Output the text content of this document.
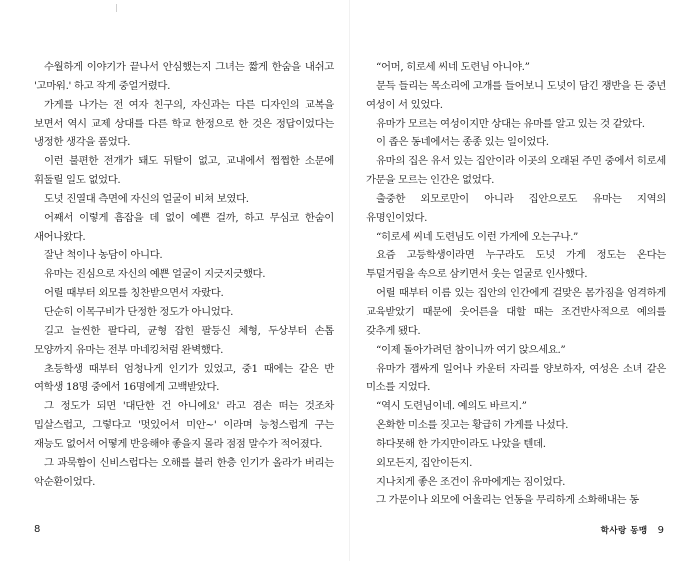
수월하게 이야기가 끝나서 안심했는지 그녀는 짧게 한숨을 내쉬고 '고마워.' 하고 작게 중얼거렸다.

가게를 나가는 전 여자 친구의, 자신과는 다른 디자인의 교복을 보면서 역시 교제 상대를 다른 학교 한정으로 한 것은 정답이었다는 냉정한 생각을 품었다.

이런 불편한 전개가 돼도 뒤탈이 없고, 교내에서 쩝쩝한 소문에 휘둘릴 일도 없었다.

도넛 진열대 측면에 자신의 얼굴이 비쳐 보였다.

어째서 이렇게 흠잡을 데 없이 예쁜 걸까, 하고 무심코 한숨이 새어나왔다.

잘난 척이나 농담이 아니다.

유마는 진심으로 자신의 예쁜 얼굴이 지긋지긋했다.

어릴 때부터 외모를 칭찬받으면서 자랐다.

단순히 이목구비가 단정한 정도가 아니었다.

길고 늘씬한 팔다리, 균형 잡힌 팔등신 체형, 두상부터 손톱 모양까지 유마는 전부 마네킹처럼 완벽했다.

초등학생 때부터 엄청나게 인기가 있었고, 중1 때에는 같은 반 여학생 18명 중에서 16명에게 고백받았다.

그 정도가 되면 '대단한 건 아니에요' 라고 겸손 떠는 것조차 밉살스럽고, 그렇다고 '멋있어서 미안~' 이라며 능청스럽게 구는 재능도 없어서 어떻게 반응해야 좋을지 몰라 점점 말수가 적어졌다.

그 과묵함이 신비스럽다는 오해를 불러 한층 인기가 올라가 버리는 악순환이었다.

“어머, 히로세 씨네 도련님 아니야.”

문득 들리는 목소리에 고개를 들어보니 도넛이 담긴 쟁반을 든 중년 여성이 서 있었다.

유마가 모르는 여성이지만 상대는 유마를 알고 있는 것 같았다.

이 좁은 동네에서는 종종 있는 일이었다.

유마의 집은 유서 있는 집안이라 이곳의 오래된 주민 중에서 히로세 가문을 모르는 인간은 없었다.

출중한 외모로만이 아니라 집안으로도 유마는 지역의 유명인이었다.

“히로세 씨네 도련님도 이런 가게에 오는구나.”

요즘 고등학생이라면 누구라도 도넛 가게 정도는 온다는 투덜거림을 속으로 삼키면서 웃는 얼굴로 인사했다.

어릴 때부터 이름 있는 집안의 인간에게 걸맞은 몸가짐을 엄격하게 교육받았기 때문에 웃어른을 대할 때는 조건반사적으로 예의를 갖추게 됐다.

“이제 돌아가려던 참이니까 여기 앉으세요.”

유마가 잽싸게 일어나 카운터 자리를 양보하자, 여성은 소녀 같은 미소를 지었다.

“역시 도련님이네. 예의도 바르지.”

온화한 미소를 짓고는 황급히 가게를 나섰다.

하다못해 한 가지만이라도 나았을 텐데.

외모든지, 집안이든지.

지나치게 좋은 조건이 유마에게는 짐이었다.

그 가문이나 외모에 어울리는 언동을 무리하게 소화해내는 동

8	학사랑 동맹 9
